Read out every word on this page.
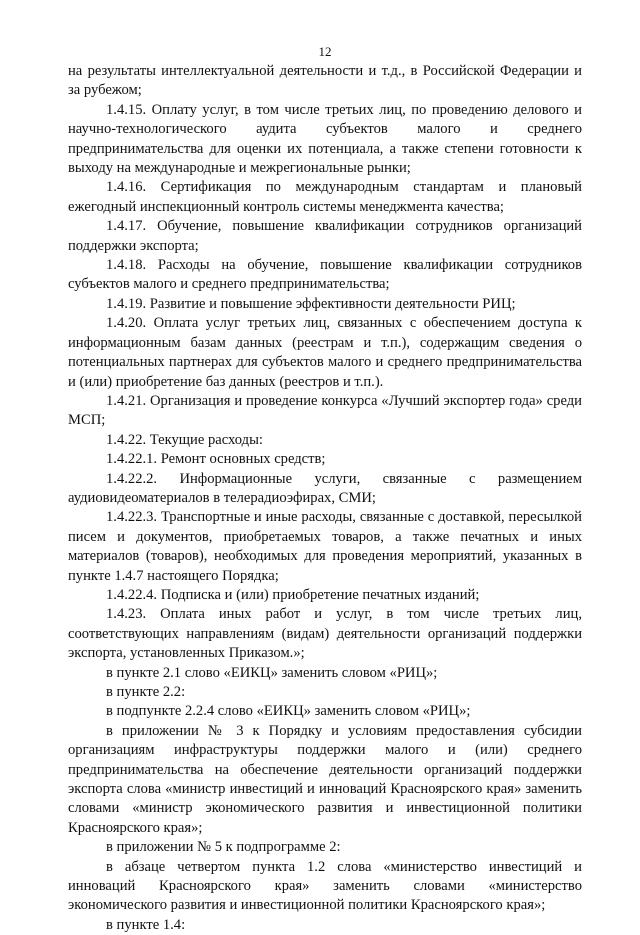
12

на результаты интеллектуальной деятельности и т.д., в Российской Федерации и за рубежом;

1.4.15. Оплату услуг, в том числе третьих лиц, по проведению делового и научно-технологического аудита субъектов малого и среднего предпринимательства для оценки их потенциала, а также степени готовности к выходу на международные и межрегиональные рынки;

1.4.16. Сертификация по международным стандартам и плановый ежегодный инспекционный контроль системы менеджмента качества;

1.4.17. Обучение, повышение квалификации сотрудников организаций поддержки экспорта;

1.4.18. Расходы на обучение, повышение квалификации сотрудников субъектов малого и среднего предпринимательства;

1.4.19. Развитие и повышение эффективности деятельности РИЦ;

1.4.20. Оплата услуг третьих лиц, связанных с обеспечением доступа к информационным базам данных (реестрам и т.п.), содержащим сведения о потенциальных партнерах для субъектов малого и среднего предпринимательства и (или) приобретение баз данных (реестров и т.п.).

1.4.21. Организация и проведение конкурса «Лучший экспортер года» среди МСП;

1.4.22. Текущие расходы:

1.4.22.1. Ремонт основных средств;

1.4.22.2. Информационные услуги, связанные с размещением аудиовидеоматериалов в телерадиоэфирах, СМИ;

1.4.22.3. Транспортные и иные расходы, связанные с доставкой, пересылкой писем и документов, приобретаемых товаров, а также печатных и иных материалов (товаров), необходимых для проведения мероприятий, указанных в пункте 1.4.7 настоящего Порядка;

1.4.22.4. Подписка и (или) приобретение печатных изданий;

1.4.23. Оплата иных работ и услуг, в том числе третьих лиц, соответствующих направлениям (видам) деятельности организаций поддержки экспорта, установленных Приказом.»;

в пункте 2.1 слово «ЕИКЦ» заменить словом «РИЦ»;

в пункте 2.2:

в подпункте 2.2.4 слово «ЕИКЦ» заменить словом «РИЦ»;

в приложении № 3 к Порядку и условиям предоставления субсидии организациям инфраструктуры поддержки малого и (или) среднего предпринимательства на обеспечение деятельности организаций поддержки экспорта слова «министр инвестиций и инноваций Красноярского края» заменить словами «министр экономического развития и инвестиционной политики Красноярского края»;

в приложении № 5 к подпрограмме 2:

в абзаце четвертом пункта 1.2 слова «министерство инвестиций и инноваций Красноярского края» заменить словами «министерство экономического развития и инвестиционной политики Красноярского края»;

в пункте 1.4:
